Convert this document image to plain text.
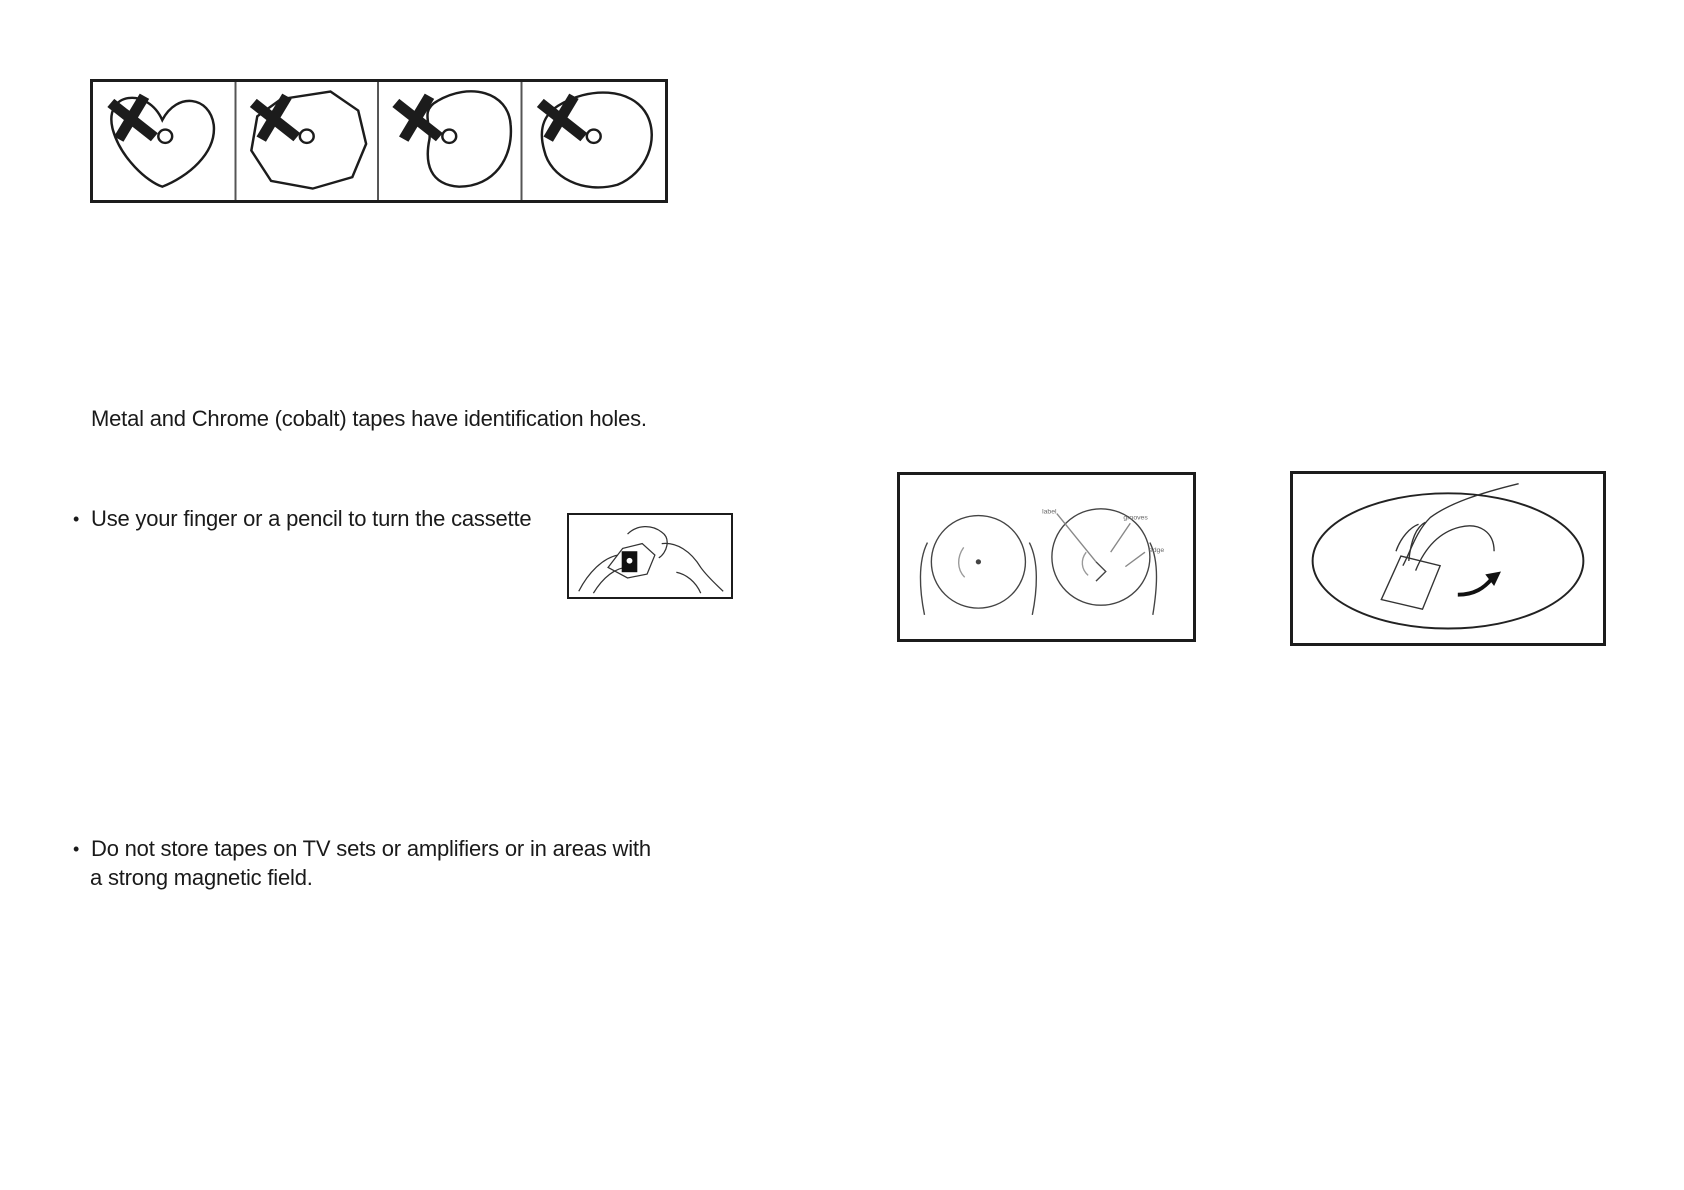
Metal and Chrome (cobalt) tapes have identification holes.
• Use your finger or a pencil to turn the cassette
• Do not store tapes on TV sets or amplifiers or in areas with
a strong magnetic field.
label
grooves
edge
